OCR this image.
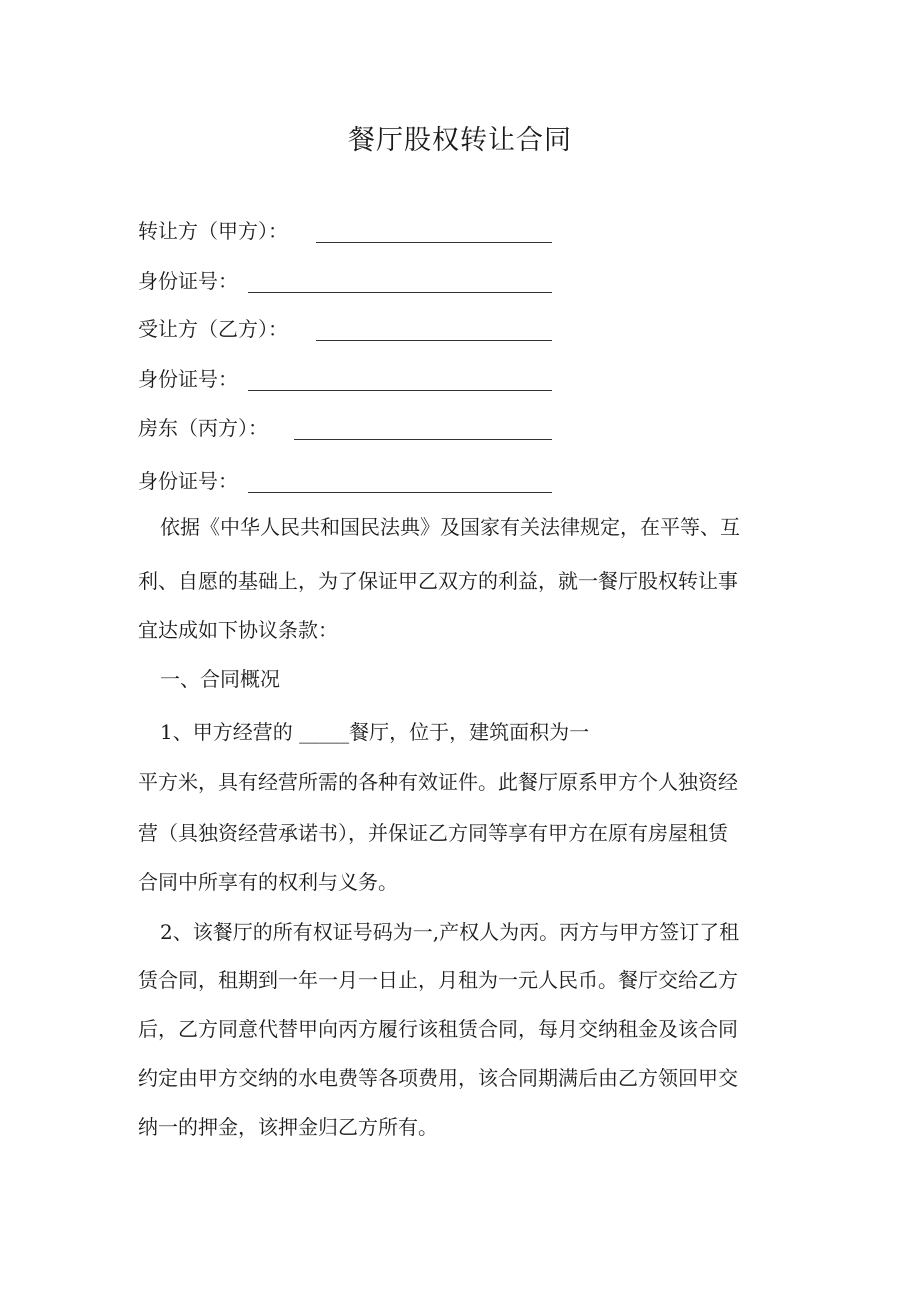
餐厅股权转让合同
转让方（甲方）：
身份证号：
受让方（乙方）：
身份证号：
房东（丙方）：
身份证号：
依据《中华人民共和国民法典》及国家有关法律规定，在平等、互
利、自愿的基础上，为了保证甲乙双方的利益，就一餐厅股权转让事
宜达成如下协议条款：
一、合同概况
1、甲方经营的 _____餐厅，位于，建筑面积为一
平方米，具有经营所需的各种有效证件。此餐厅原系甲方个人独资经
营（具独资经营承诺书），并保证乙方同等享有甲方在原有房屋租赁
合同中所享有的权利与义务。
2、该餐厅的所有权证号码为一,产权人为丙。丙方与甲方签订了租
赁合同，租期到一年一月一日止，月租为一元人民币。餐厅交给乙方
后，乙方同意代替甲向丙方履行该租赁合同，每月交纳租金及该合同
约定由甲方交纳的水电费等各项费用，该合同期满后由乙方领回甲交
纳一的押金，该押金归乙方所有。
